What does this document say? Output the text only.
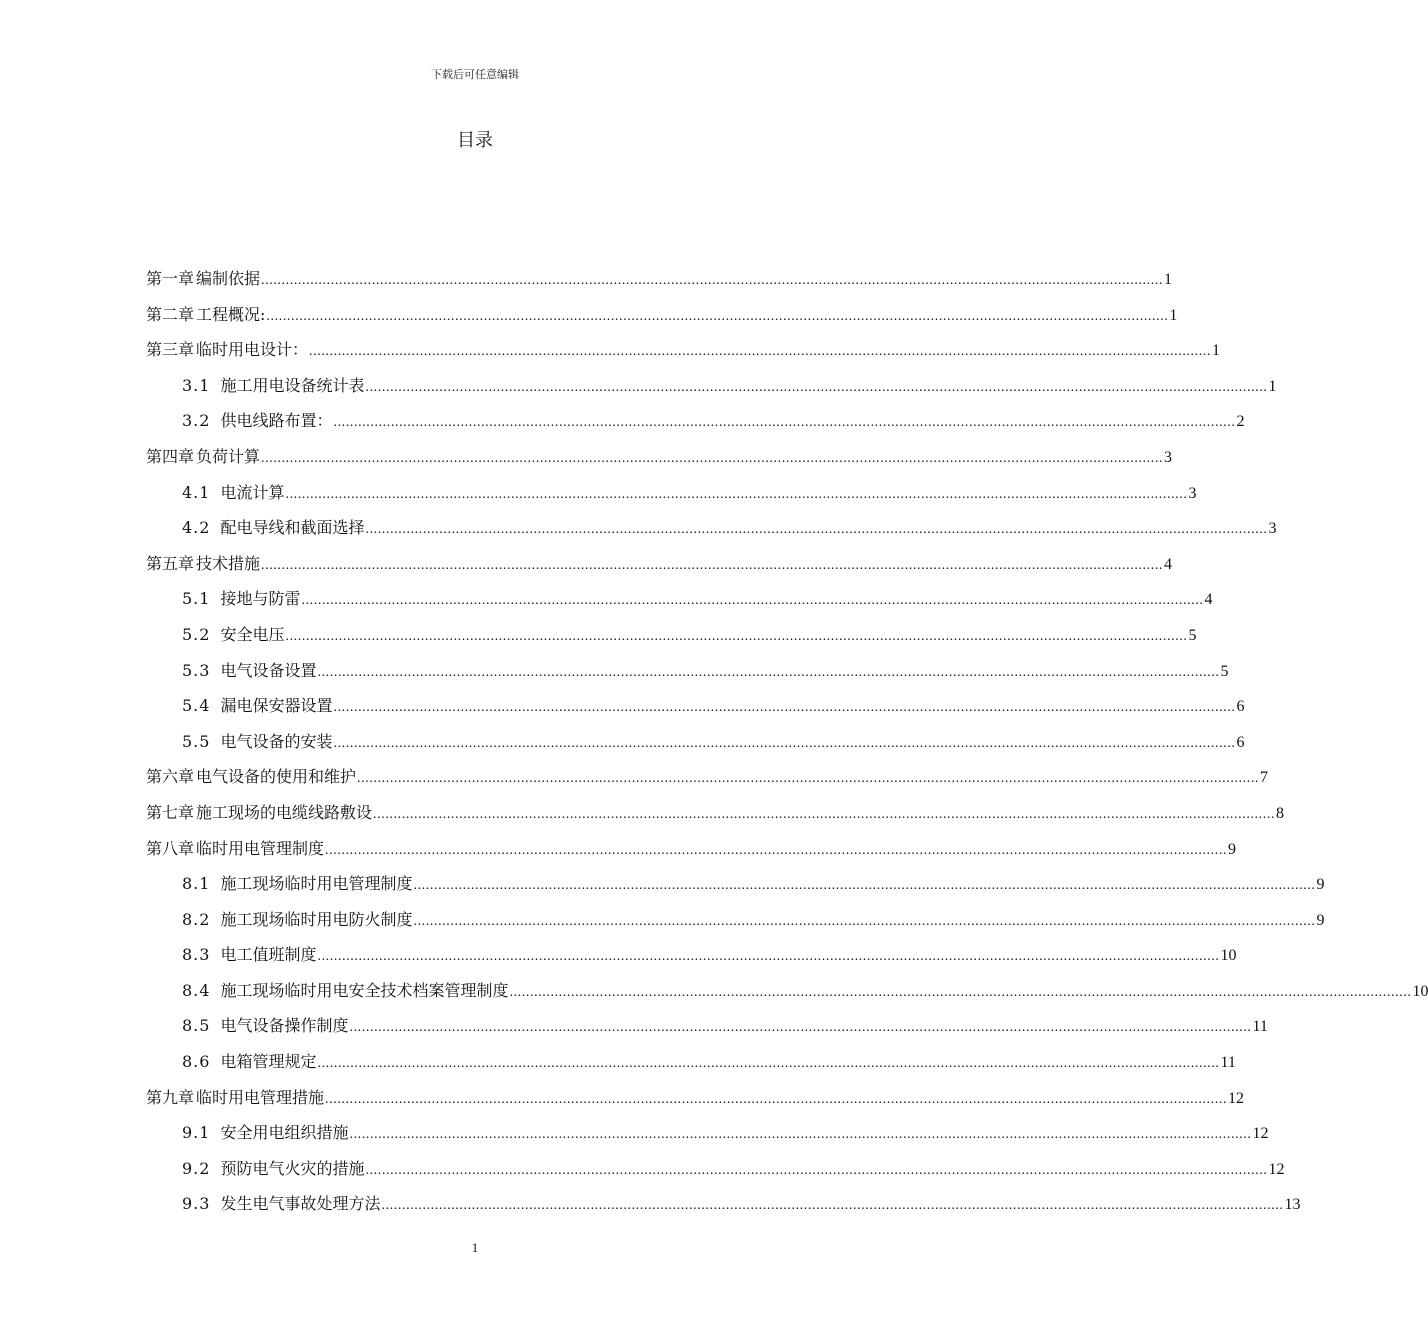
下载后可任意编辑
目录
第一章 编制依据 ............................................................................................................................................................................................................................ 1
第二章 工程概况: ............................................................................................................................................................................................................................ 1
第三章 临时用电设计： ............................................................................................................................................................................................................................ 1
3.1 施工用电设备统计表 ............................................................................................................................................................................................................................ 1
3.2 供电线路布置： ............................................................................................................................................................................................................................ 2
第四章 负荷计算 ............................................................................................................................................................................................................................ 3
4.1 电流计算 ............................................................................................................................................................................................................................ 3
4.2 配电导线和截面选择 ............................................................................................................................................................................................................................ 3
第五章 技术措施 ............................................................................................................................................................................................................................ 4
5.1 接地与防雷 ............................................................................................................................................................................................................................ 4
5.2 安全电压 ............................................................................................................................................................................................................................ 5
5.3 电气设备设置 ............................................................................................................................................................................................................................ 5
5.4 漏电保安器设置 ............................................................................................................................................................................................................................ 6
5.5 电气设备的安装 ............................................................................................................................................................................................................................ 6
第六章 电气设备的使用和维护 ............................................................................................................................................................................................................................ 7
第七章 施工现场的电缆线路敷设 ............................................................................................................................................................................................................................ 8
第八章 临时用电管理制度 ............................................................................................................................................................................................................................ 9
8.1 施工现场临时用电管理制度 ............................................................................................................................................................................................................................ 9
8.2 施工现场临时用电防火制度 ............................................................................................................................................................................................................................ 9
8.3 电工值班制度 ............................................................................................................................................................................................................................ 10
8.4 施工现场临时用电安全技术档案管理制度 ............................................................................................................................................................................................................................ 10
8.5 电气设备操作制度 ............................................................................................................................................................................................................................ 11
8.6 电箱管理规定 ............................................................................................................................................................................................................................ 11
第九章 临时用电管理措施 ............................................................................................................................................................................................................................ 12
9.1 安全用电组织措施 ............................................................................................................................................................................................................................ 12
9.2 预防电气火灾的措施 ............................................................................................................................................................................................................................ 12
9.3 发生电气事故处理方法 ............................................................................................................................................................................................................................ 13
1
